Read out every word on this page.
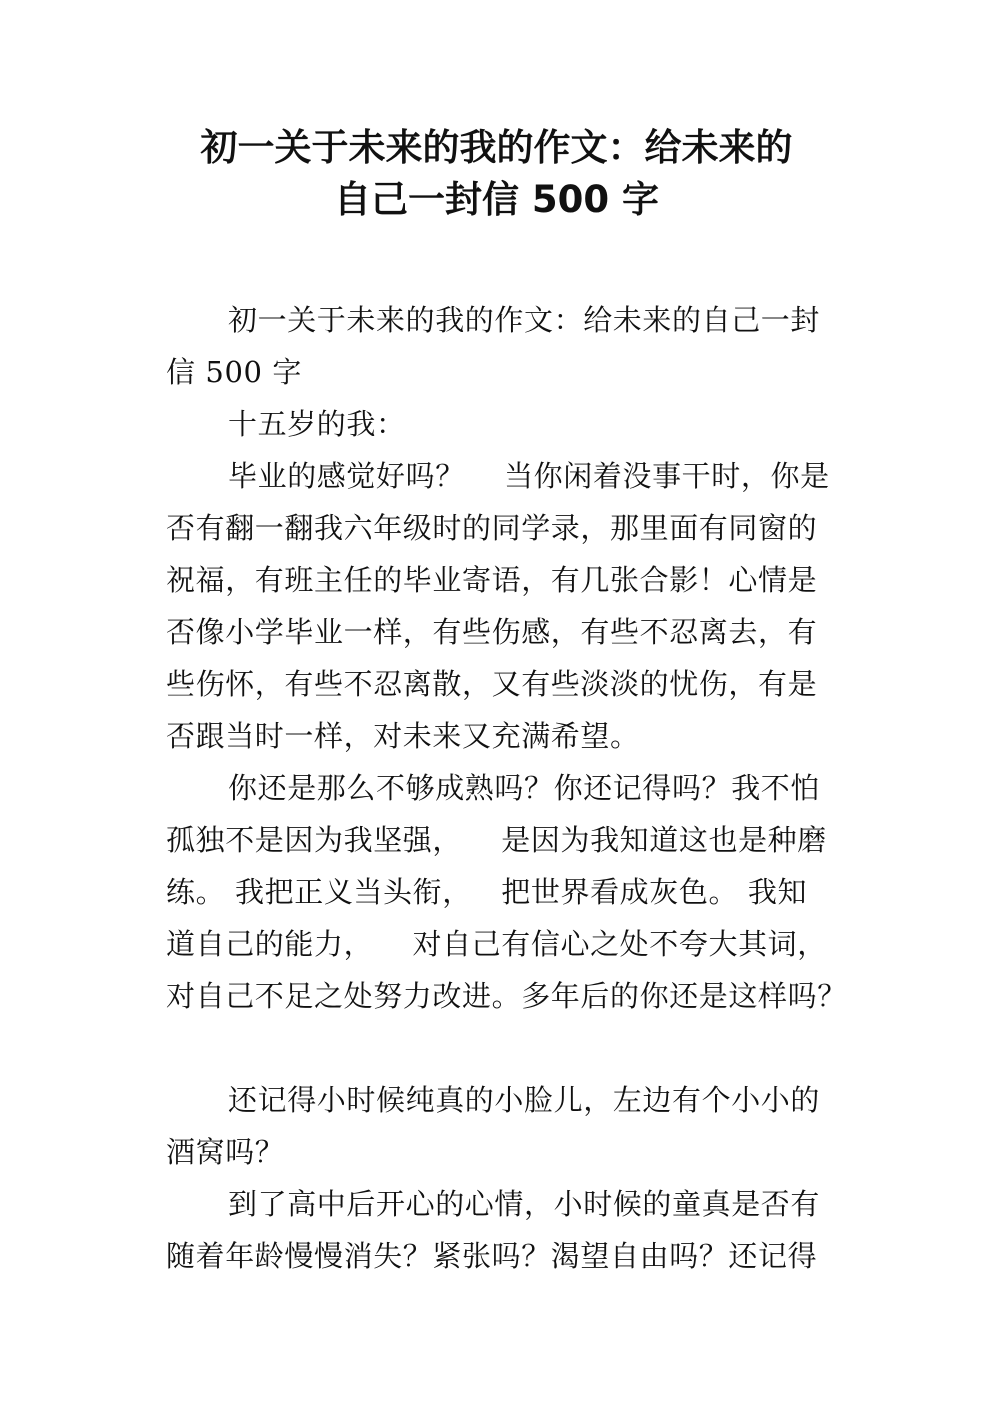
初一关于未来的我的作文：给未来的
自己一封信 500 字
初一关于未来的我的作文：给未来的自己一封
信 500 字
十五岁的我：
毕业的感觉好吗？    当你闲着没事干时，你是
否有翻一翻我六年级时的同学录，那里面有同窗的
祝福，有班主任的毕业寄语，有几张合影！心情是
否像小学毕业一样，有些伤感，有些不忍离去，有
些伤怀，有些不忍离散，又有些淡淡的忧伤，有是
否跟当时一样，对未来又充满希望。
你还是那么不够成熟吗？你还记得吗？我不怕
孤独不是因为我坚强，    是因为我知道这也是种磨
练。 我把正义当头衔，   把世界看成灰色。 我知
道自己的能力，    对自己有信心之处不夸大其词，
对自己不足之处努力改进。多年后的你还是这样吗？
还记得小时候纯真的小脸儿，左边有个小小的
酒窝吗？
到了高中后开心的心情，小时候的童真是否有
随着年龄慢慢消失？紧张吗？渴望自由吗？还记得
